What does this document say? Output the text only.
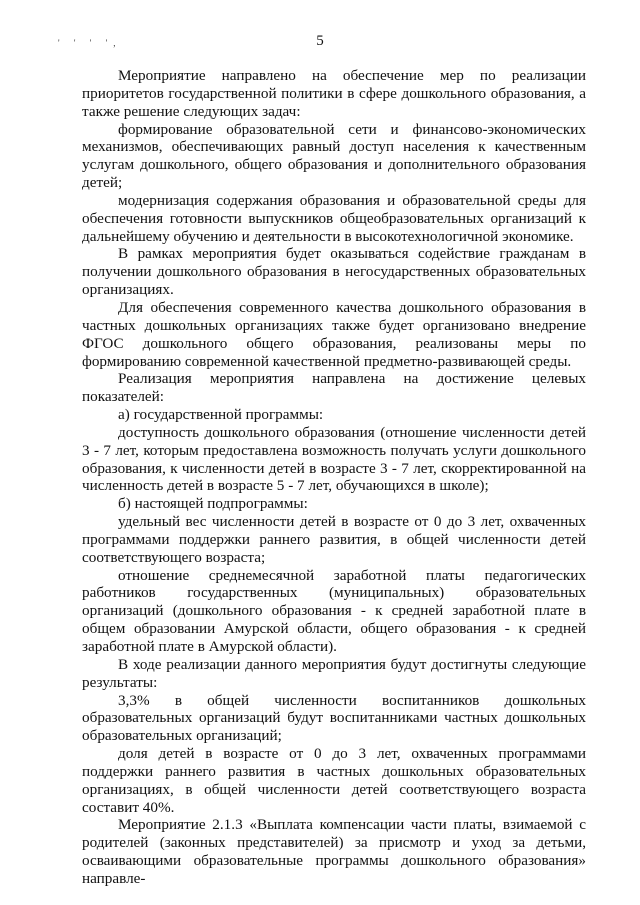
' ' ' ',	5

Мероприятие направлено на обеспечение мер по реализации приоритетов государственной политики в сфере дошкольного образования, а также решение следующих задач:

формирование образовательной сети и финансово-экономических механизмов, обеспечивающих равный доступ населения к качественным услугам дошкольного, общего образования и дополнительного образования детей;

модернизация содержания образования и образовательной среды для обеспечения готовности выпускников общеобразовательных организаций к дальнейшему обучению и деятельности в высокотехнологичной экономике.

В рамках мероприятия будет оказываться содействие гражданам в получении дошкольного образования в негосударственных образовательных организациях.

Для обеспечения современного качества дошкольного образования в частных дошкольных организациях также будет организовано внедрение ФГОС дошкольного общего образования, реализованы меры по формированию современной качественной предметно-развивающей среды.

Реализация мероприятия направлена на достижение целевых показателей:

а) государственной программы:

доступность дошкольного образования (отношение численности детей 3 - 7 лет, которым предоставлена возможность получать услуги дошкольного образования, к численности детей в возрасте 3 - 7 лет, скорректированной на численность детей в возрасте 5 - 7 лет, обучающихся в школе);

б) настоящей подпрограммы:

удельный вес численности детей в возрасте от 0 до 3 лет, охваченных программами поддержки раннего развития, в общей численности детей соответствующего возраста;

отношение среднемесячной заработной платы педагогических работников государственных (муниципальных) образовательных организаций (дошкольного образования - к средней заработной плате в общем образовании Амурской области, общего образования - к средней заработной плате в Амурской области).

В ходе реализации данного мероприятия будут достигнуты следующие результаты:

3,3% в общей численности воспитанников дошкольных образовательных организаций будут воспитанниками частных дошкольных образовательных организаций;

доля детей в возрасте от 0 до 3 лет, охваченных программами поддержки раннего развития в частных дошкольных образовательных организациях, в общей численности детей соответствующего возраста составит 40%.

Мероприятие 2.1.3 «Выплата компенсации части платы, взимаемой с родителей (законных представителей) за присмотр и уход за детьми, осваивающими образовательные программы дошкольного образования» направле-
